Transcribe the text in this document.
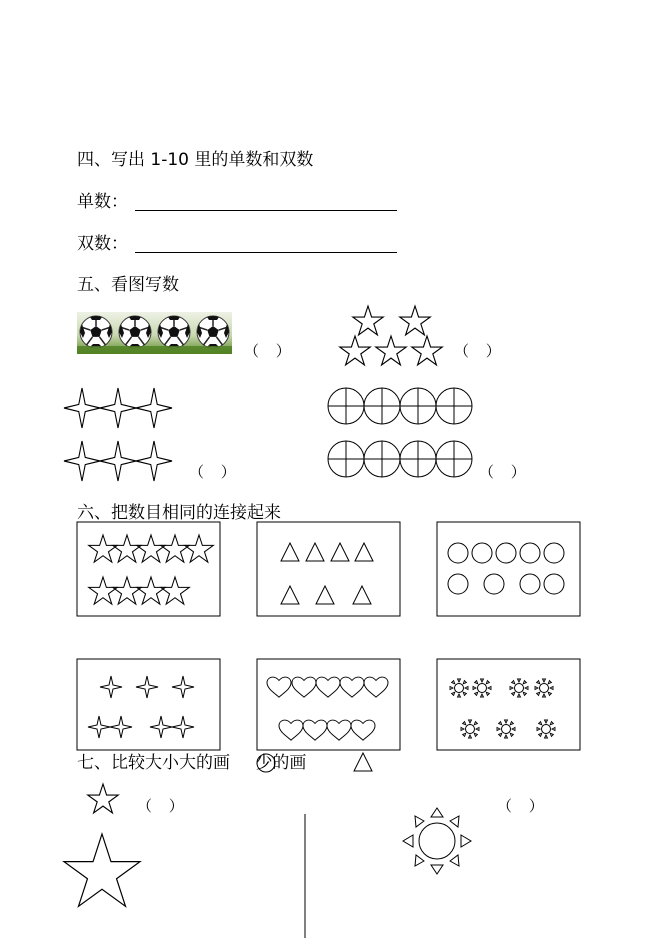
四、写出 1-10 里的单数和双数
单数：
双数：
五、看图写数
（ ）	（ ）
（ ）	（ ）
六、把数目相同的连接起来
七、比较大小大的画 少的画
（ ）	（ ）
